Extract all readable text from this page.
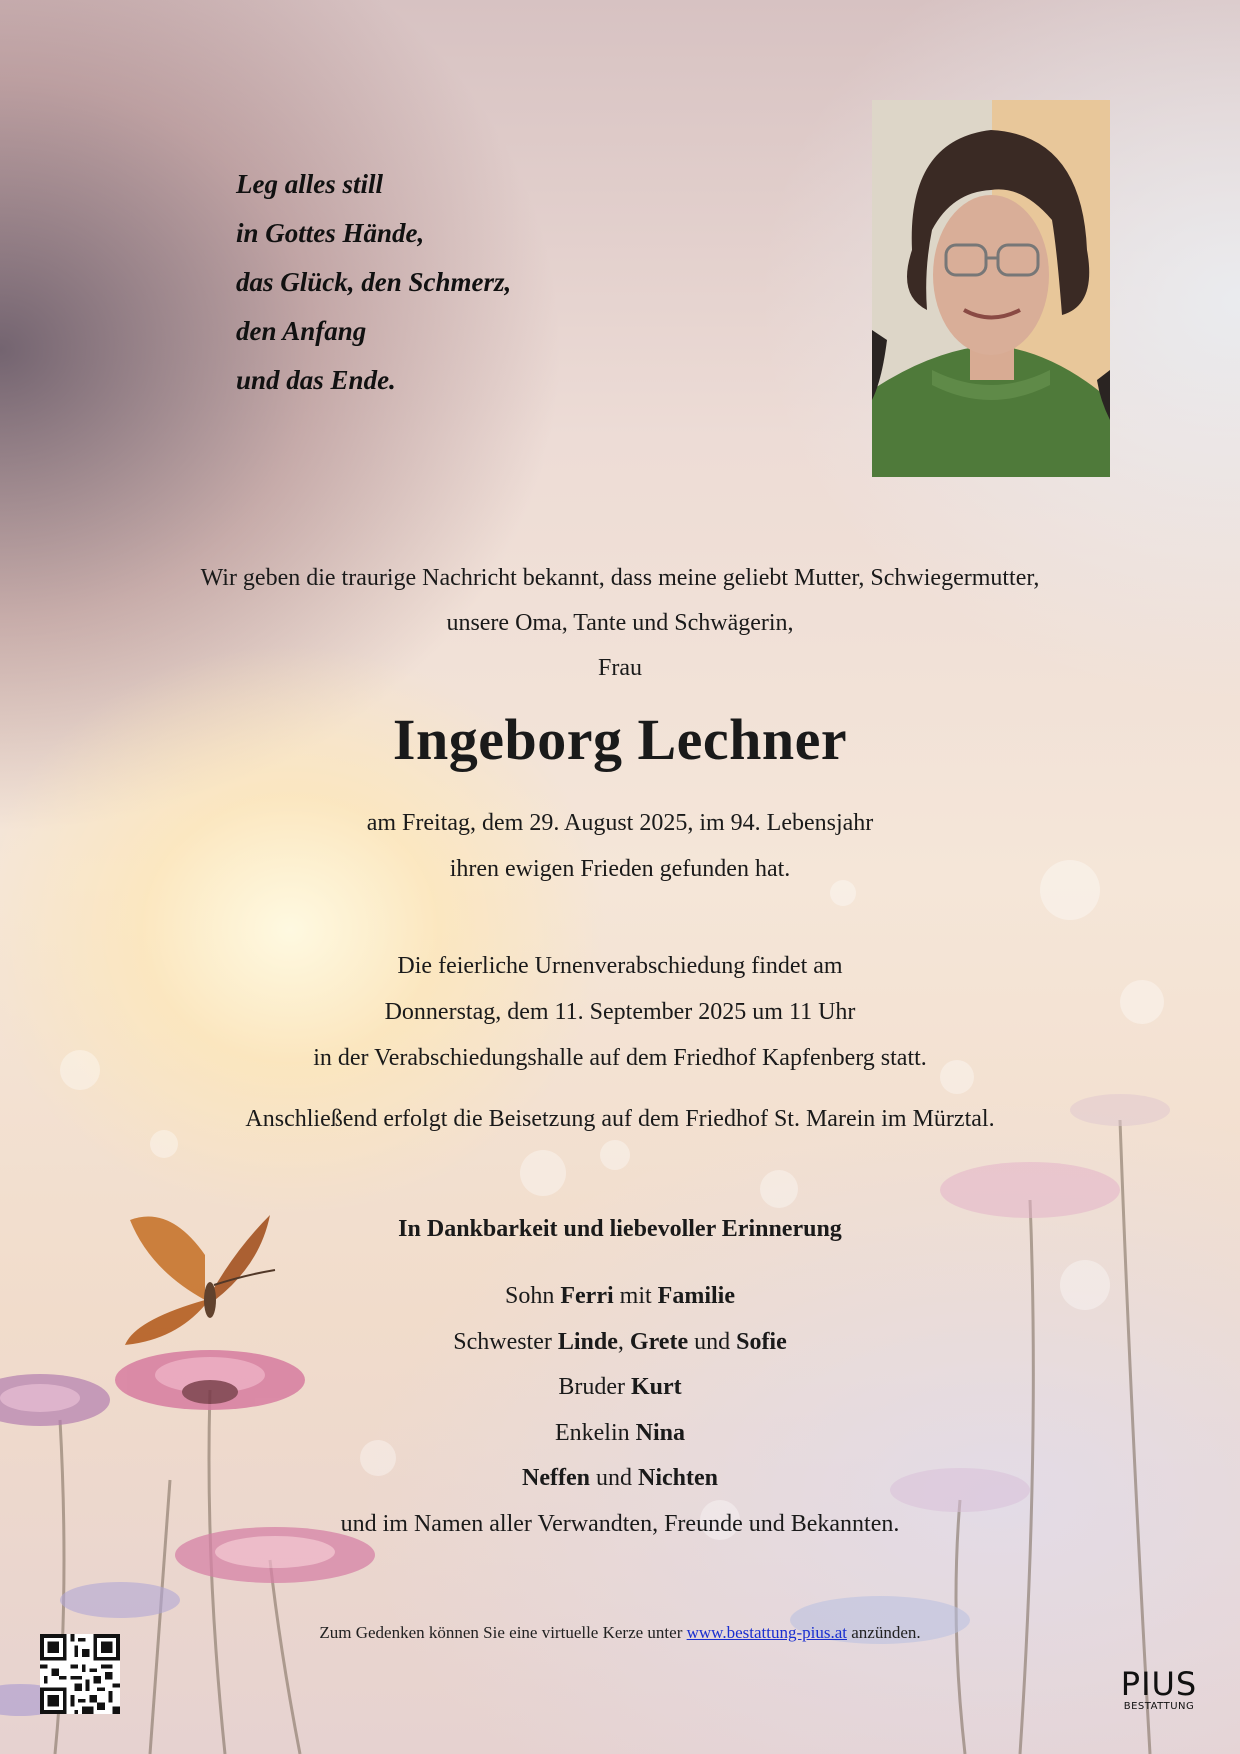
Leg alles still
in Gottes Hände,
das Glück, den Schmerz,
den Anfang
und das Ende.
Wir geben die traurige Nachricht bekannt, dass meine geliebt Mutter, Schwiegermutter,
unsere Oma, Tante und Schwägerin,
Frau
Ingeborg Lechner
am Freitag, dem 29. August 2025, im 94. Lebensjahr
ihren ewigen Frieden gefunden hat.
Die feierliche Urnenverabschiedung findet am
Donnerstag, dem 11. September 2025 um 11 Uhr
in der Verabschiedungshalle auf dem Friedhof Kapfenberg statt.
Anschließend erfolgt die Beisetzung auf dem Friedhof St. Marein im Mürztal.
In Dankbarkeit und liebevoller Erinnerung
Sohn Ferri mit Familie
Schwester Linde, Grete und Sofie
Bruder Kurt
Enkelin Nina
Neffen und Nichten
und im Namen aller Verwandten, Freunde und Bekannten.
Zum Gedenken können Sie eine virtuelle Kerze unter www.bestattung-pius.at anzünden.
PIUS
BESTATTUNG
